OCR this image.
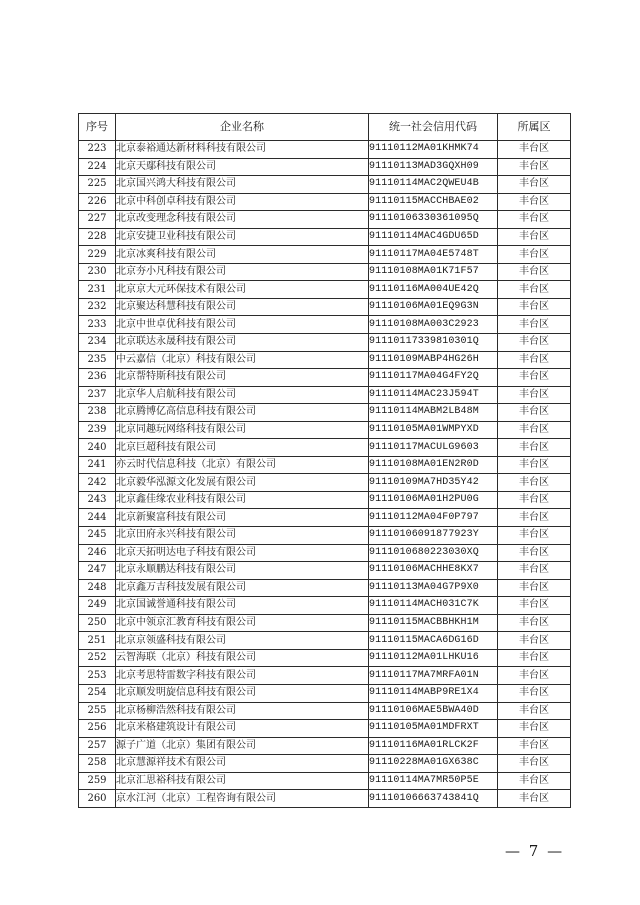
序号	企业名称	统一社会信用代码	所属区
223	北京泰裕通达新材料科技有限公司	91110112MA01KHMK74	丰台区
224	北京天鄢科技有限公司	91110113MAD3GQXH09	丰台区
225	北京国兴鸿大科技有限公司	91110114MAC2QWEU4B	丰台区
226	北京中科创卓科技有限公司	91110115MACCHBAE02	丰台区
227	北京改变理念科技有限公司	91110106330361095Q	丰台区
228	北京安捷卫业科技有限公司	91110114MAC4GDU65D	丰台区
229	北京冰爽科技有限公司	91110117MA04E5748T	丰台区
230	北京夯小凡科技有限公司	91110108MA01K71F57	丰台区
231	北京京大元环保技术有限公司	91110116MA004UE42Q	丰台区
232	北京聚达科慧科技有限公司	91110106MA01EQ9G3N	丰台区
233	北京中世卓优科技有限公司	91110108MA003C2923	丰台区
234	北京联达永晟科技有限公司	91110117339810301Q	丰台区
235	中云嘉信（北京）科技有限公司	91110109MABP4HG26H	丰台区
236	北京帮特斯科技有限公司	91110117MA04G4FY2Q	丰台区
237	北京华人启航科技有限公司	91110114MAC23J594T	丰台区
238	北京腾博亿高信息科技有限公司	91110114MABM2LB48M	丰台区
239	北京同趣玩网络科技有限公司	91110105MA01WMPYXD	丰台区
240	北京巨超科技有限公司	91110117MACULG9603	丰台区
241	亦云时代信息科技（北京）有限公司	91110108MA01EN2R0D	丰台区
242	北京毅华泓源文化发展有限公司	91110109MA7HD35Y42	丰台区
243	北京鑫佳缘农业科技有限公司	91110106MA01H2PU0G	丰台区
244	北京新聚富科技有限公司	91110112MA04F0P797	丰台区
245	北京田府永兴科技有限公司	91110106091877923Y	丰台区
246	北京天拓明达电子科技有限公司	9111010680223030XQ	丰台区
247	北京永顺鹏达科技有限公司	91110106MACHHE8KX7	丰台区
248	北京鑫万吉科技发展有限公司	91110113MA04G7P9X0	丰台区
249	北京国诚誉通科技有限公司	91110114MACH031C7K	丰台区
250	北京中领京汇教育科技有限公司	91110115MACBBHKH1M	丰台区
251	北京京领盛科技有限公司	91110115MACA6DG16D	丰台区
252	云智海联（北京）科技有限公司	91110112MA01LHKU16	丰台区
253	北京考思特雷数字科技有限公司	91110117MA7MRFA01N	丰台区
254	北京顺发明旋信息科技有限公司	91110114MABP9RE1X4	丰台区
255	北京杨柳浩然科技有限公司	91110106MAE5BWA40D	丰台区
256	北京米格建筑设计有限公司	91110105MA01MDFRXT	丰台区
257	源子广道（北京）集团有限公司	91110116MA01RLCK2F	丰台区
258	北京慧源祥技术有限公司	91110228MA01GX638C	丰台区
259	北京汇思裕科技有限公司	91110114MA7MR50P5E	丰台区
260	京水江河（北京）工程咨询有限公司	91110106663743841Q	丰台区
— 7 —
